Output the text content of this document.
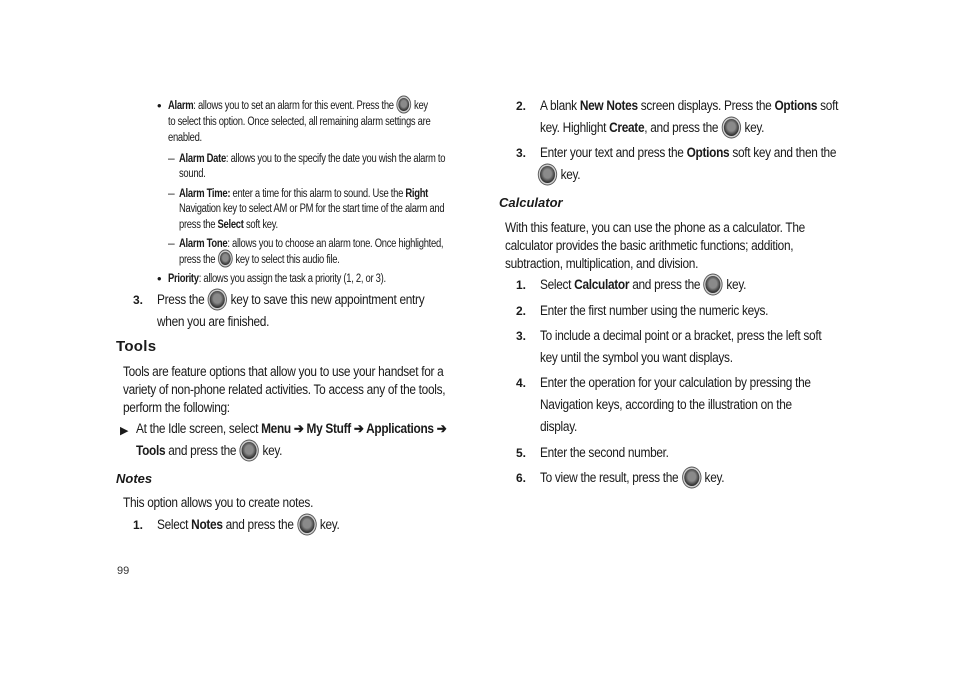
• Alarm: allows you to set an alarm for this event. Press the key
to select this option. Once selected, all remaining alarm settings are
enabled.
– Alarm Date: allows you to the specify the date you wish the alarm to
sound.
– Alarm Time: enter a time for this alarm to sound. Use the Right
Navigation key to select AM or PM for the start time of the alarm and
press the Select soft key.
– Alarm Tone: allows you to choose an alarm tone. Once highlighted,
press the key to select this audio file.
• Priority: allows you assign the task a priority (1, 2, or 3).
3. Press the key to save this new appointment entry
when you are finished.
Tools
Tools are feature options that allow you to use your handset for a
variety of non-phone related activities. To access any of the tools,
perform the following:
▶ At the Idle screen, select Menu ➔ My Stuff ➔ Applications ➔
Tools and press the key.
Notes
This option allows you to create notes.
1. Select Notes and press the key.
99
2. A blank New Notes screen displays. Press the Options soft
key. Highlight Create, and press the key.
3. Enter your text and press the Options soft key and then the
key.
Calculator
With this feature, you can use the phone as a calculator. The
calculator provides the basic arithmetic functions; addition,
subtraction, multiplication, and division.
1. Select Calculator and press the key.
2. Enter the first number using the numeric keys.
3. To include a decimal point or a bracket, press the left soft
key until the symbol you want displays.
4. Enter the operation for your calculation by pressing the
Navigation keys, according to the illustration on the
display.
5. Enter the second number.
6. To view the result, press the key.
